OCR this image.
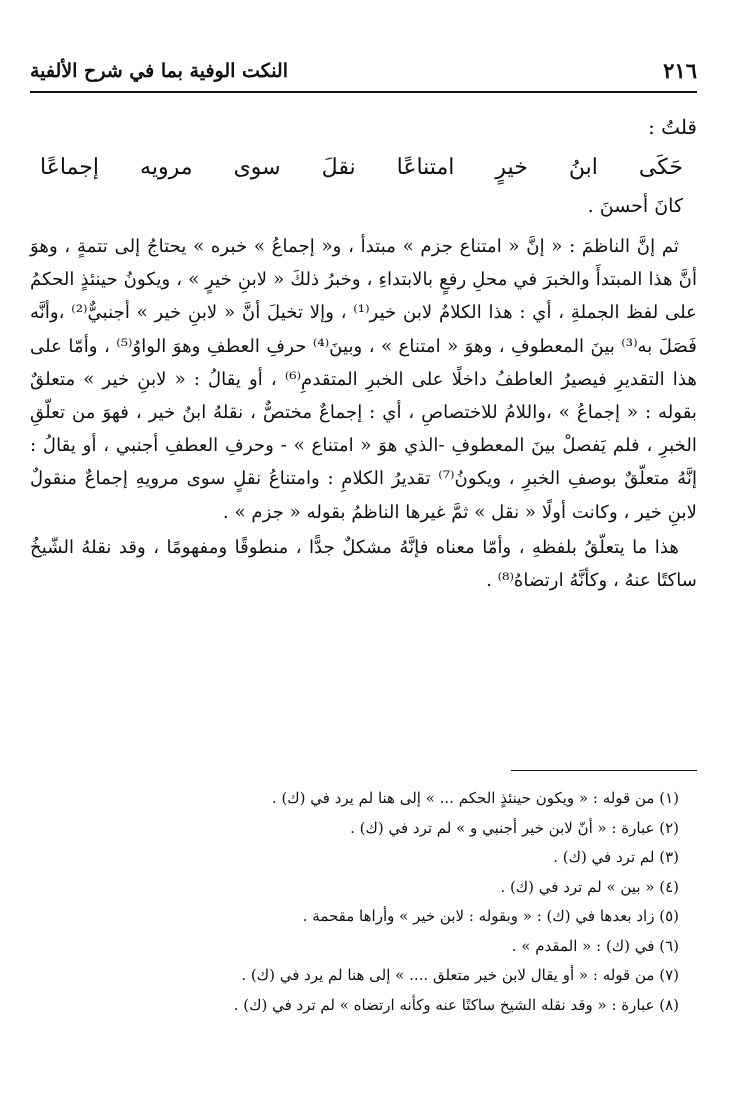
٢١٦
النكت الوفية بما في شرح الألفية
قلتُ :
حَكَى ابنُ خيرٍ امتناعًا نقلَ سوى مرويه إجماعًا
كانَ أحسنَ .

ثم إنَّ الناظمَ : « إنَّ « امتناع جزم » مبتدأ ، و« إجماعُ » خبره » يحتاجُ إلى تتمةٍ ، وهوَ أنَّ هذا المبتدأَ والخبرَ في محلِ رفعٍ بالابتداءِ ، وخبرُ ذلكَ « لابنِ خيرٍ » ، ويكونُ حينئذٍ الحكمُ على لفظ الجملةِ ، أي : هذا الكلامُ لابن خير⁽¹⁾ ، وإلا تخيلَ أنَّ « لابنِ خير » أجنبيٌّ⁽²⁾ ،وأنَّه فَصَلَ به⁽³⁾ بينَ المعطوفِ ، وهوَ « امتناع » ، وبينَ⁽⁴⁾ حرفِ العطفِ وهوَ الواوُ⁽⁵⁾ ، وأمّا على هذا التقديرِ فيصيرُ العاطفُ داخلًا على الخبرِ المتقدمِ⁽⁶⁾ ، أو يقالُ : « لابنِ خير » متعلقٌ بقوله : « إجماعُ » ،واللامُ للاختصاصِ ، أي : إجماعٌ مختصٌّ ، نقلهُ ابنُ خير ، فهوَ من تعلّقِ الخبرِ ، فلم يَفصلْ بينَ المعطوفِ -الذي هوَ « امتناع » - وحرفِ العطفِ أجنبي ، أو يقالُ : إنَّهُ متعلّقٌ بوصفِ الخبرِ ، ويكونُ⁽⁷⁾ تقديرُ الكلامِ : وامتناعُ نقلٍ سوى مرويهِ إجماعٌ منقولٌ لابنِ خير ، وكانت أولًا « نقل » ثمَّ غيرها الناظمُ بقوله « جزم » .

هذا ما يتعلّقُ بلفظهِ ، وأمّا معناه فإنَّهُ مشكلٌ جدًّا ، منطوقًا ومفهومًا ، وقد نقلهُ الشّيخُ ساكتًا عنهُ ، وكأنَّهُ ارتضاهُ⁽⁸⁾ .

(١) من قوله : « ويكون حينئذٍ الحكم ... » إلى هنا لم يرد في (ك) .
(٢) عبارة : « أنّ لابن خير أجنبي و » لم ترد في (ك) .
(٣) لم ترد في (ك) .
(٤) « بين » لم ترد في (ك) .
(٥) زاد بعدها في (ك) : « وبقوله : لابن خير » وأراها مقحمة .
(٦) في (ك) : « المقدم » .
(٧) من قوله : « أو يقال لابن خير متعلق .... » إلى هنا لم يرد في (ك) .
(٨) عبارة : « وقد نقله الشيخ ساكتًا عنه وكأنه ارتضاه » لم ترد في (ك) .
